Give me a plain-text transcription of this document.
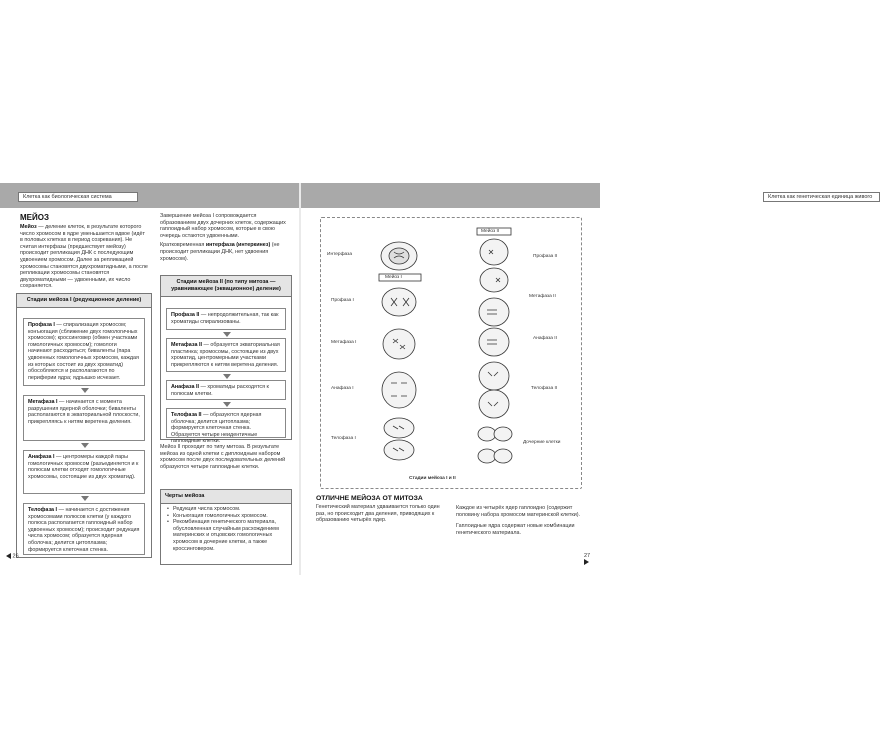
Клетка как биологическая система	Клетка как генетическая единица живого
МЕЙОЗ
Мейоз — деление клеток, в результате которого число хромосом в ядре уменьшается вдвое (идёт в половых клетках в период созревания). Не считая интерфазы (предшествует мейозу) происходит репликация ДНК с последующим удвоением хромосом. Далее за репликацией хромосомы становятся двухроматидными, а после репликации хромосомы становятся двухроматидными — удвоенными, их число сохраняется.
Стадии мейоза I (редукционное деление)
Профаза I — спирализация хромосом; конъюгация (сближение двух гомологичных хромосом); кроссинговер (обмен участками гомологичных хромосом); гомологи начинают расходиться; биваленты (пара удвоенных гомологичных хромосом, каждая из которых состоит из двух хроматид) обособляются и располагаются по периферии ядра; ядрышко исчезает.
Метафаза I — начинается с момента разрушения ядерной оболочки; биваленты располагаются в экваториальной плоскости, прикрепляясь к нитям веретена деления.
Анафаза I — центромеры каждой пары гомологичных хромосом (разъединяется и к полюсам клетки отходят гомологичные хромосомы, состоящие из двух хроматид).
Телофаза I — начинается с достижения хромосомами полюсов клетки (у каждого полюса располагается гаплоидный набор удвоенных хромосом); происходит редукция числа хромосом; образуется ядерная оболочка; делится цитоплазма; формируется клеточная стенка.
Завершение мейоза I сопровождается образованием двух дочерних клеток, содержащих гаплоидный набор хромосом, которые в свою очередь остаются удвоенными.
Кратковременная интерфаза (интеркинез) (не происходит репликации ДНК, нет удвоения хромосом).
Стадии мейоза II (по типу митоза — уравнивающее (эквационное) деление)
Профаза II — непродолжительная, так как хроматиды спирализованы.
Метафаза II — образуется экваториальная пластинка; хромосомы, состоящие из двух хроматид, центромерными участками прикрепляются к нитям веретена деления.
Анафаза II — хроматиды расходятся к полюсам клетки.
Телофаза II — образуются ядерная оболочка; делится цитоплазма; формируется клеточная стенка. Образуется четыре неидентичные гаплоидные клетки.
Мейоз II проходит по типу митоза. В результате мейоза из одной клетки с диплоидным набором хромосом после двух последовательных делений образуются четыре гаплоидные клетки.
Черты мейоза
• Редукция числа хромосом.
• Конъюгация гомологичных хромосом.
• Рекомбинация генетического материала, обусловленная случайным расхождением материнских и отцовских гомологичных хромосом в дочерние клетки, а также кроссинговером.
26
Мейоз I
Мейоз II
Интерфаза
Профаза I
Метафаза I
Анафаза I
Телофаза I
Профаза II
Метафаза II
Анафаза II
Телофаза II
Дочерние клетки
Стадии мейоза I и II
ОТЛИЧНЕ МЕЙОЗА ОТ МИТОЗА
Генетический материал удваивается только один раз, но происходит два деления, приводящих к образованию четырёх ядер.
Каждое из четырёх ядер гаплоидно (содержит половину набора хромосом материнской клетки).
Гаплоидные ядра содержат новые комбинации генетического материала.
27
